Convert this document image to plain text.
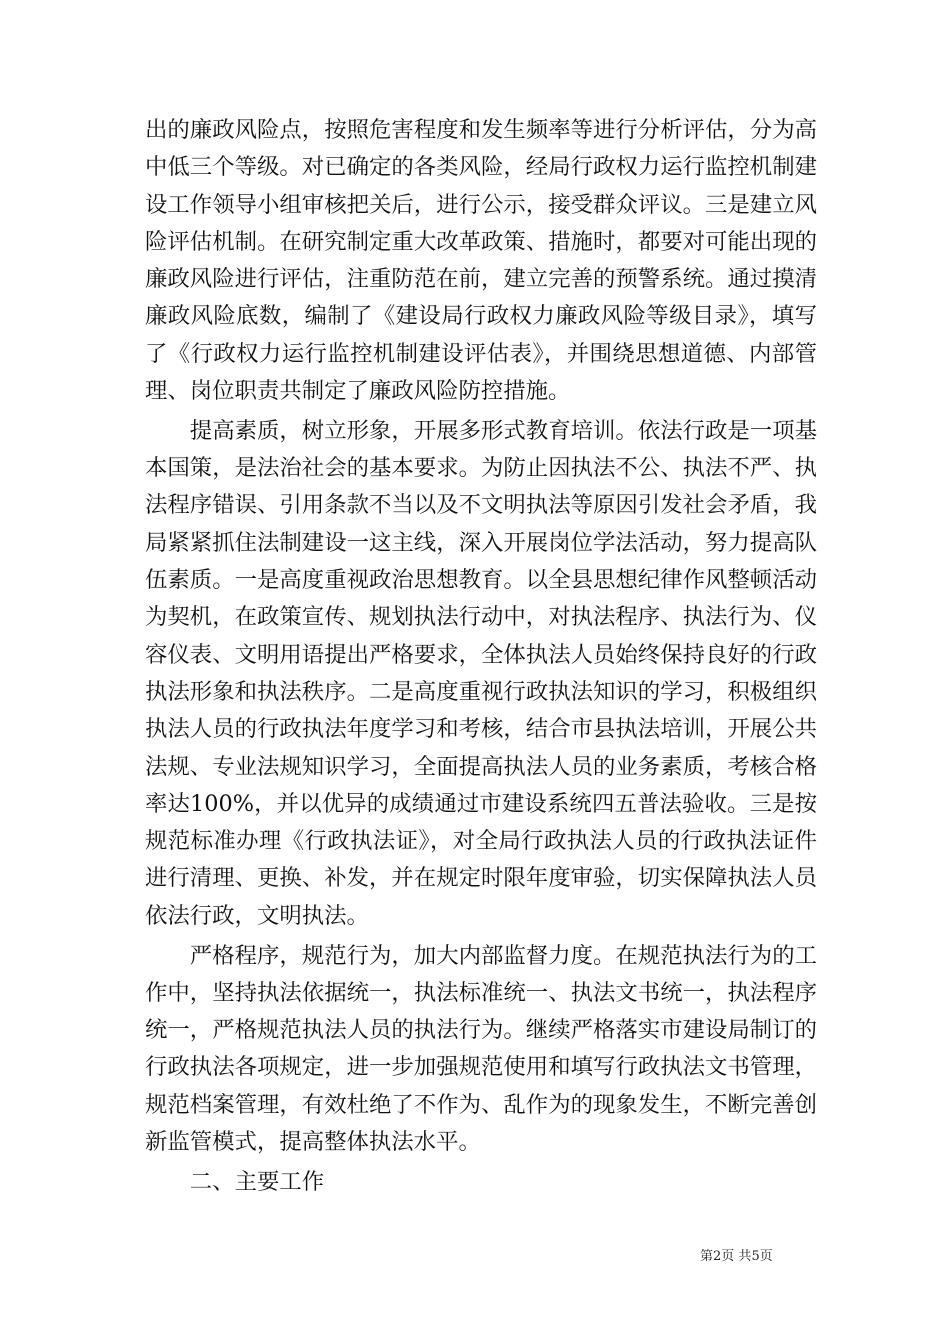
出的廉政风险点，按照危害程度和发生频率等进行分析评估，分为高中低三个等级。对已确定的各类风险，经局行政权力运行监控机制建设工作领导小组审核把关后，进行公示，接受群众评议。三是建立风险评估机制。在研究制定重大改革政策、措施时，都要对可能出现的廉政风险进行评估，注重防范在前，建立完善的预警系统。通过摸清廉政风险底数，编制了《建设局行政权力廉政风险等级目录》，填写了《行政权力运行监控机制建设评估表》，并围绕思想道德、内部管理、岗位职责共制定了廉政风险防控措施。

提高素质，树立形象，开展多形式教育培训。依法行政是一项基本国策，是法治社会的基本要求。为防止因执法不公、执法不严、执法程序错误、引用条款不当以及不文明执法等原因引发社会矛盾，我局紧紧抓住法制建设一这主线，深入开展岗位学法活动，努力提高队伍素质。一是高度重视政治思想教育。以全县思想纪律作风整顿活动为契机，在政策宣传、规划执法行动中，对执法程序、执法行为、仪容仪表、文明用语提出严格要求，全体执法人员始终保持良好的行政执法形象和执法秩序。二是高度重视行政执法知识的学习，积极组织执法人员的行政执法年度学习和考核，结合市县执法培训，开展公共法规、专业法规知识学习，全面提高执法人员的业务素质，考核合格率达100%，并以优异的成绩通过市建设系统四五普法验收。三是按规范标准办理《行政执法证》，对全局行政执法人员的行政执法证件进行清理、更换、补发，并在规定时限年度审验，切实保障执法人员依法行政，文明执法。

严格程序，规范行为，加大内部监督力度。在规范执法行为的工作中，坚持执法依据统一，执法标准统一、执法文书统一，执法程序统一，严格规范执法人员的执法行为。继续严格落实市建设局制订的行政执法各项规定，进一步加强规范使用和填写行政执法文书管理，规范档案管理，有效杜绝了不作为、乱作为的现象发生，不断完善创新监管模式，提高整体执法水平。

二、主要工作

第2页 共5页
